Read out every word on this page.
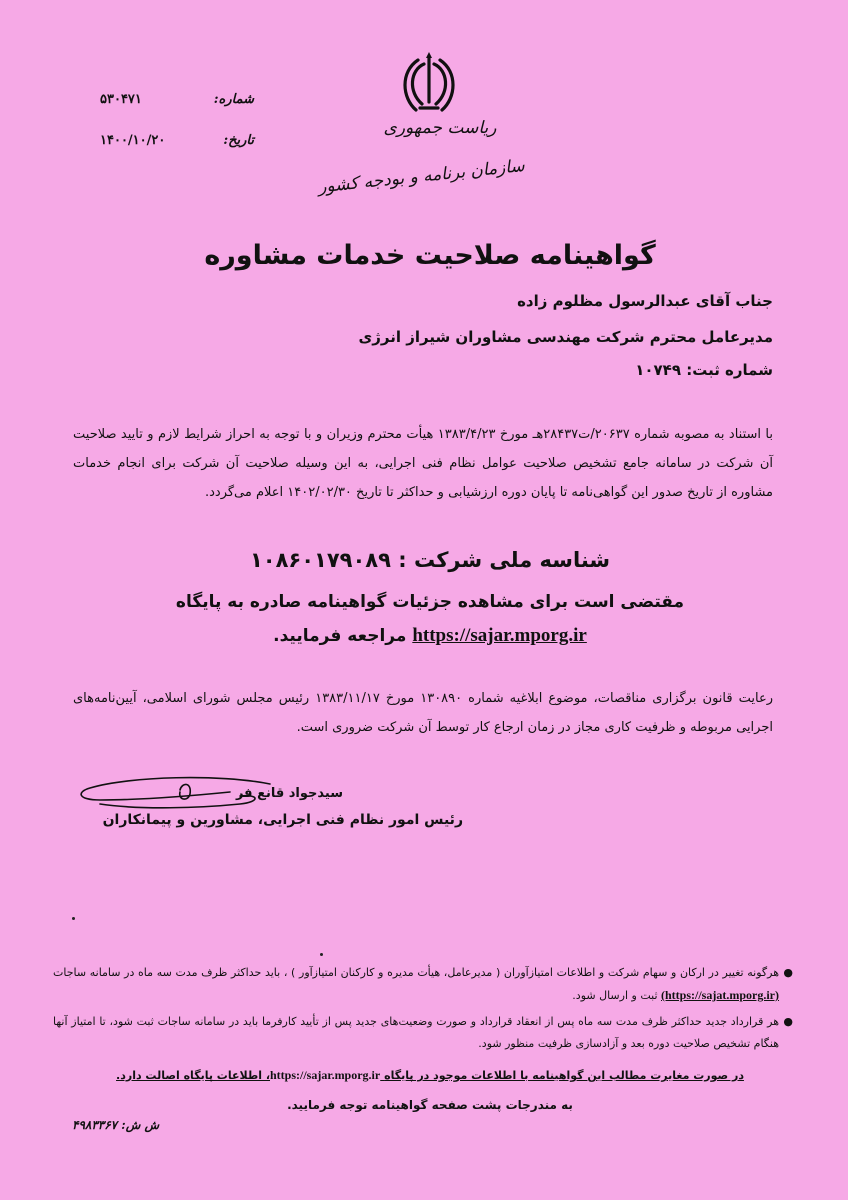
ریاست جمهوری
سازمان برنامه و بودجه کشور
شماره:
۵۳۰۴۷۱
تاریخ:
۱۴۰۰/۱۰/۲۰
گواهینامه صلاحیت خدمات مشاوره
جناب آقای عبدالرسول مظلوم زاده
مدیرعامل محترم شرکت مهندسی مشاوران شیراز انرژی
شماره ثبت: ۱۰۷۴۹

با استناد به مصوبه شماره ۲۰۶۳۷/ت۲۸۴۳۷هـ مورخ ۱۳۸۳/۴/۲۳ هیأت محترم وزیران و با توجه به احراز شرایط لازم و تایید صلاحیت آن شرکت در سامانه جامع تشخیص صلاحیت عوامل نظام فنی اجرایی، به این وسیله صلاحیت آن شرکت برای انجام خدمات مشاوره از تاریخ صدور این گواهی‌نامه تا پایان دوره ارزشیابی و حداکثر تا تاریخ ۱۴۰۲/۰۲/۳۰ اعلام می‌گردد.

شناسه ملی شرکت : ۱۰۸۶۰۱۷۹۰۸۹
مقتضی است برای مشاهده جزئیات گواهینامه صادره به پایگاه
https://sajar.mporg.ir مراجعه فرمایید.

رعایت قانون برگزاری مناقصات، موضوع ابلاغیه شماره ۱۳۰۸۹۰ مورخ ۱۳۸۳/۱۱/۱۷ رئیس مجلس شورای اسلامی، آیین‌نامه‌های اجرایی مربوطه و ظرفیت کاری مجاز در زمان ارجاع کار توسط آن شرکت ضروری است.

سیدجواد قانع فر
رئیس امور نظام فنی اجرایی، مشاورین و پیمانکاران
●
هرگونه تغییر در ارکان و سهام شرکت و اطلاعات امتیازآوران ( مدیرعامل، هیأت مدیره و کارکنان امتیازآور ) ، باید حداکثر ظرف مدت سه ماه در سامانه ساجات (https://sajat.mporg.ir) ثبت و ارسال شود.
●
هر قرارداد جدید حداکثر ظرف مدت سه ماه پس از انعقاد قرارداد و صورت وضعیت‌های جدید پس از تأیید کارفرما باید در سامانه ساجات ثبت شود، تا امتیاز آنها هنگام تشخیص صلاحیت دوره بعد و آزادسازی ظرفیت منظور شود.
در صورت مغایرت مطالب این گواهینامه با اطلاعات موجود در پایگاه https://sajar.mporg.ir، اطلاعات پایگاه اصالت دارد.
به مندرجات پشت صفحه گواهینامه توجه فرمایید.
ش ش: ۴۹۸۳۳۶۷
